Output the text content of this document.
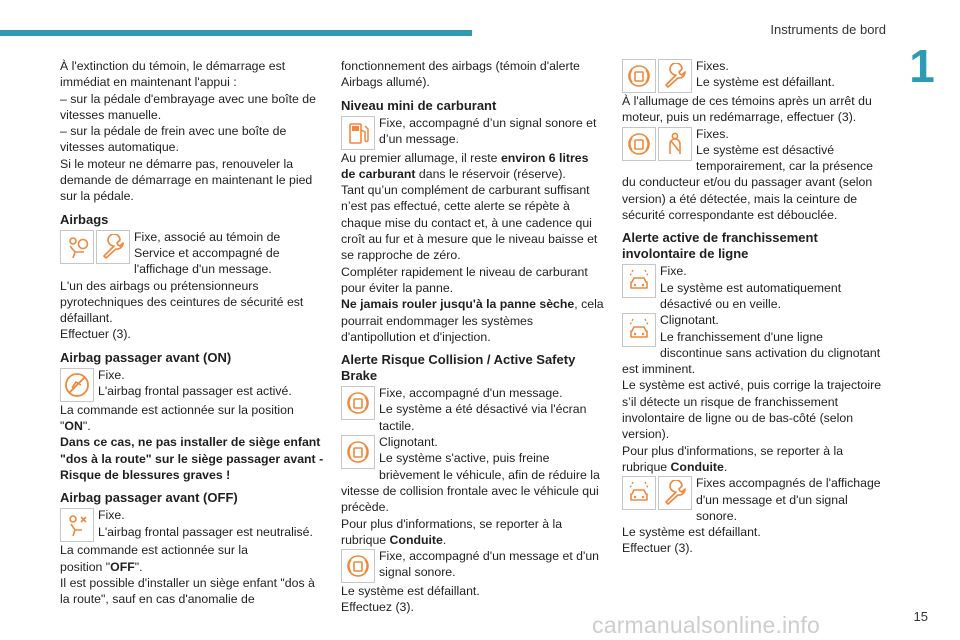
Instruments de bord
1

À l'extinction du témoin, le démarrage est immédiat en maintenant l'appui :

– sur la pédale d'embrayage avec une boîte de vitesses manuelle.

– sur la pédale de frein avec une boîte de vitesses automatique.

Si le moteur ne démarre pas, renouveler la demande de démarrage en maintenant le pied sur la pédale.

Airbags

Fixe, associé au témoin de Service et accompagné de l'affichage d'un message.

L'un des airbags ou prétensionneurs pyrotechniques des ceintures de sécurité est défaillant.

Effectuer (3).

Airbag passager avant (ON)

Fixe.
L'airbag frontal passager est activé.

La commande est actionnée sur la position "ON".

Dans ce cas, ne pas installer de siège enfant "dos à la route" sur le siège passager avant - Risque de blessures graves !

Airbag passager avant (OFF)

Fixe.
L'airbag frontal passager est neutralisé.

La commande est actionnée sur la
position "OFF".

Il est possible d'installer un siège enfant "dos à la route", sauf en cas d'anomalie de

fonctionnement des airbags (témoin d'alerte Airbags allumé).

Niveau mini de carburant

Fixe, accompagné d’un signal sonore et d’un message.

Au premier allumage, il reste environ 6 litres de carburant dans le réservoir (réserve).

Tant qu’un complément de carburant suffisant n’est pas effectué, cette alerte se répète à chaque mise du contact et, à une cadence qui croît au fur et à mesure que le niveau baisse et se rapproche de zéro.

Compléter rapidement le niveau de carburant pour éviter la panne.

Ne jamais rouler jusqu'à la panne sèche, cela pourrait endommager les systèmes d'antipollution et d'injection.

Alerte Risque Collision / Active Safety Brake

Fixe, accompagné d'un message.
Le système a été désactivé via l'écran tactile.

Clignotant.
Le système s'active, puis freine brièvement le véhicule, afin de réduire la vitesse de collision frontale avec le véhicule qui précède.

Pour plus d'informations, se reporter à la rubrique Conduite.

Fixe, accompagné d'un message et d'un signal sonore.

Le système est défaillant.
Effectuez (3).

Fixes.
Le système est défaillant.

À l'allumage de ces témoins après un arrêt du moteur, puis un redémarrage, effectuer (3).

Fixes.
Le système est désactivé temporairement, car la présence du conducteur et/ou du passager avant (selon version) a été détectée, mais la ceinture de sécurité correspondante est débouclée.

Alerte active de franchissement involontaire de ligne

Fixe.
Le système est automatiquement désactivé ou en veille.

Clignotant.
Le franchissement d'une ligne discontinue sans activation du clignotant est imminent.

Le système est activé, puis corrige la trajectoire s’il détecte un risque de franchissement involontaire de ligne ou de bas-côté (selon version).

Pour plus d'informations, se reporter à la rubrique Conduite.

Fixes accompagnés de l'affichage d'un message et d'un signal sonore.

Le système est défaillant.
Effectuer (3).

carmanualsonline.info	15
